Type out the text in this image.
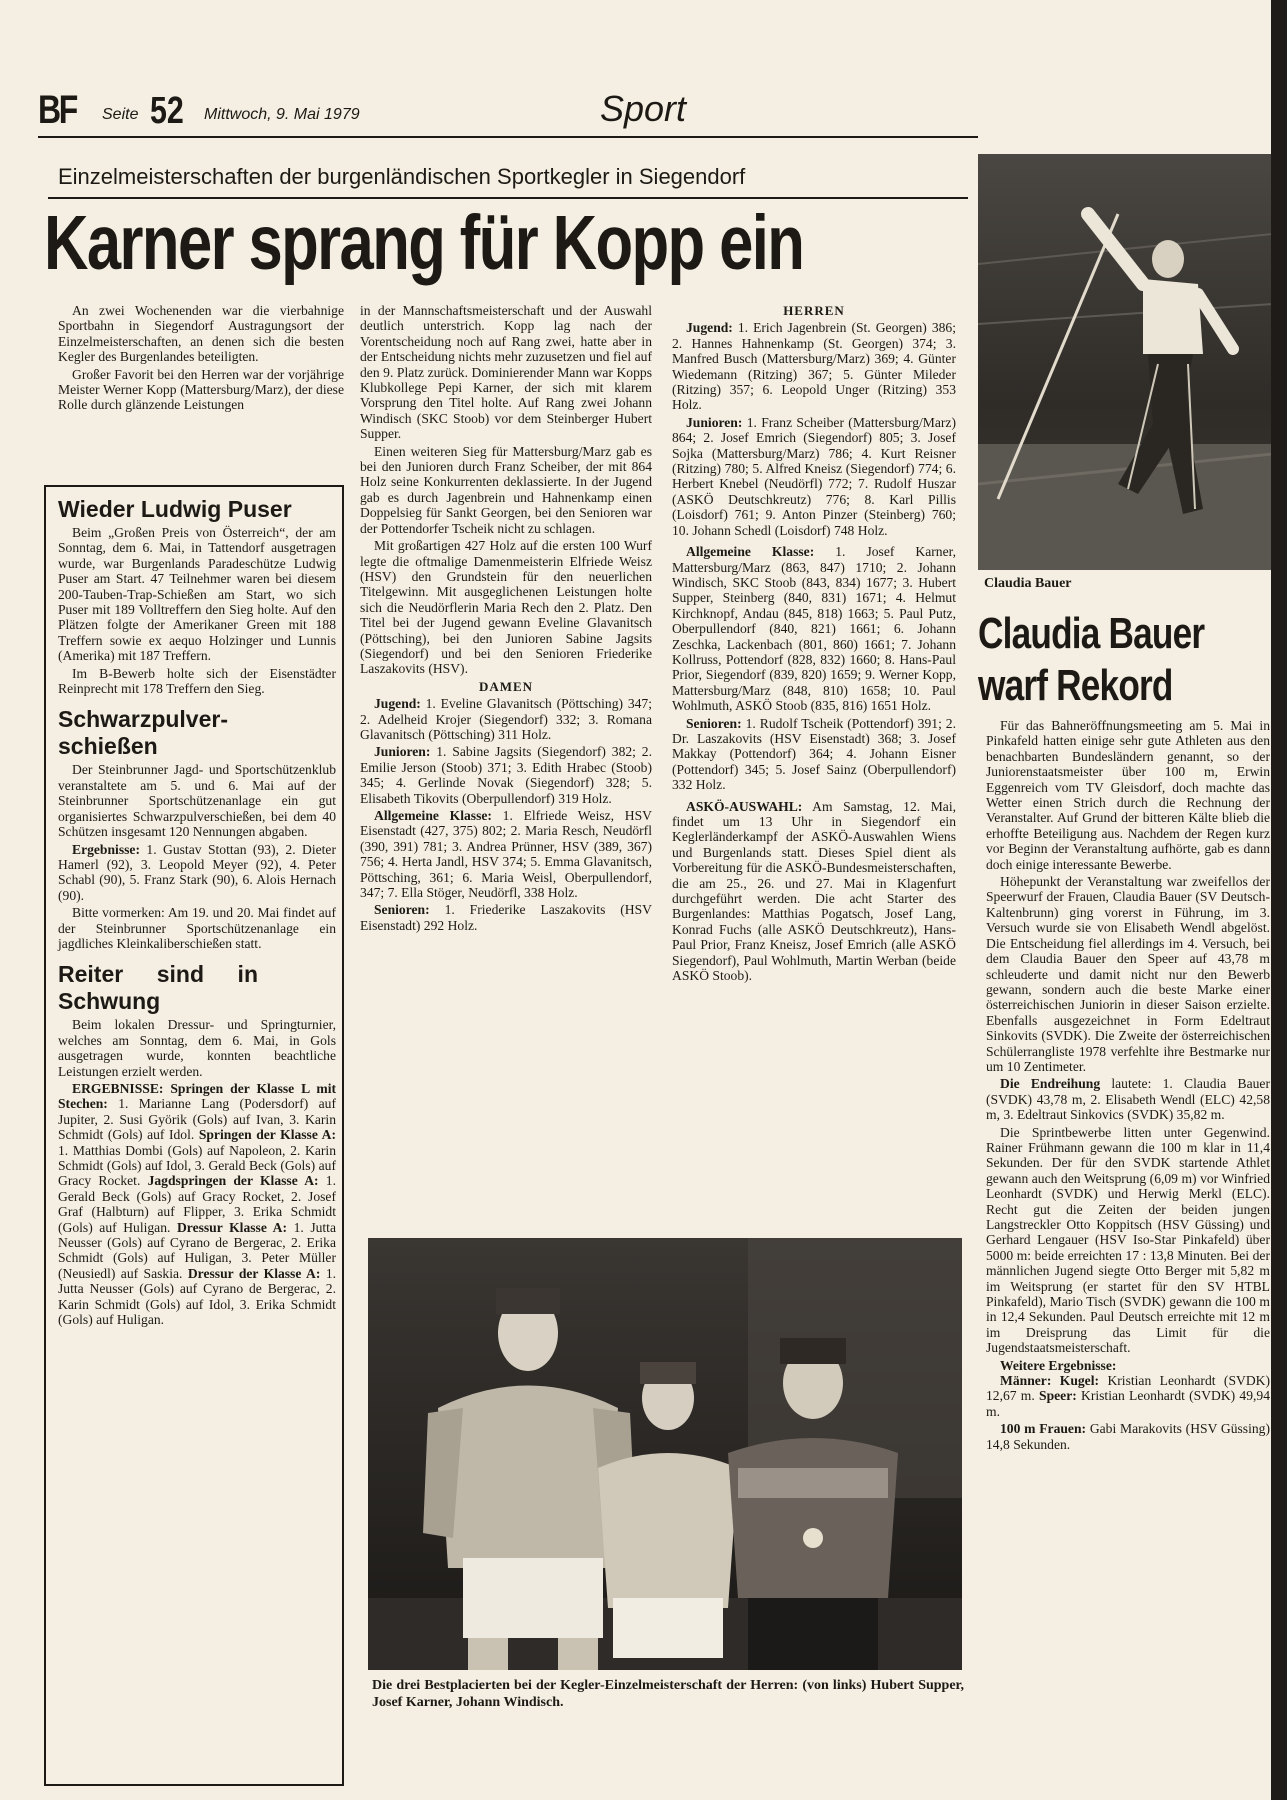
BF Seite 52 Mittwoch, 9. Mai 1979	Sport
Einzelmeisterschaften der burgenländischen Sportkegler in Siegendorf
Karner sprang für Kopp ein

An zwei Wochenenden war die vierbahnige Sportbahn in Siegendorf Austragungsort der Einzelmeisterschaften, an denen sich die besten Kegler des Burgenlandes beteiligten.

Großer Favorit bei den Herren war der vorjährige Meister Werner Kopp (Mattersburg/Marz), der diese Rolle durch glänzende Leistungen

Wieder Ludwig Puser

Beim „Großen Preis von Österreich“, der am Sonntag, dem 6. Mai, in Tattendorf ausgetragen wurde, war Burgenlands Paradeschütze Ludwig Puser am Start. 47 Teilnehmer waren bei diesem 200-Tauben-Trap-Schießen am Start, wo sich Puser mit 189 Volltreffern den Sieg holte. Auf den Plätzen folgte der Amerikaner Green mit 188 Treffern sowie ex aequo Holzinger und Lunnis (Amerika) mit 187 Treffern.

Im B-Bewerb holte sich der Eisenstädter Reinprecht mit 178 Treffern den Sieg.

Schwarzpulver-schießen

Der Steinbrunner Jagd- und Sportschützenklub veranstaltete am 5. und 6. Mai auf der Steinbrunner Sportschützenanlage ein gut organisiertes Schwarzpulverschießen, bei dem 40 Schützen insgesamt 120 Nennungen abgaben.

Ergebnisse: 1. Gustav Stottan (93), 2. Dieter Hamerl (92), 3. Leopold Meyer (92), 4. Peter Schabl (90), 5. Franz Stark (90), 6. Alois Hernach (90).

Bitte vormerken: Am 19. und 20. Mai findet auf der Steinbrunner Sportschützenanlage ein jagdliches Kleinkaliberschießen statt.

Reiter sind in Schwung

Beim lokalen Dressur- und Springturnier, welches am Sonntag, dem 6. Mai, in Gols ausgetragen wurde, konnten beachtliche Leistungen erzielt werden.

ERGEBNISSE: Springen der Klasse L mit Stechen: 1. Marianne Lang (Podersdorf) auf Jupiter, 2. Susi Györik (Gols) auf Ivan, 3. Karin Schmidt (Gols) auf Idol. Springen der Klasse A: 1. Matthias Dombi (Gols) auf Napoleon, 2. Karin Schmidt (Gols) auf Idol, 3. Gerald Beck (Gols) auf Gracy Rocket. Jagdspringen der Klasse A: 1. Gerald Beck (Gols) auf Gracy Rocket, 2. Josef Graf (Halbturn) auf Flipper, 3. Erika Schmidt (Gols) auf Huligan. Dressur Klasse A: 1. Jutta Neusser (Gols) auf Cyrano de Bergerac, 2. Erika Schmidt (Gols) auf Huligan, 3. Peter Müller (Neusiedl) auf Saskia. Dressur der Klasse A: 1. Jutta Neusser (Gols) auf Cyrano de Bergerac, 2. Karin Schmidt (Gols) auf Idol, 3. Erika Schmidt (Gols) auf Huligan.

in der Mannschaftsmeisterschaft und der Auswahl deutlich unterstrich. Kopp lag nach der Vorentscheidung noch auf Rang zwei, hatte aber in der Entscheidung nichts mehr zuzusetzen und fiel auf den 9. Platz zurück. Dominierender Mann war Kopps Klubkollege Pepi Karner, der sich mit klarem Vorsprung den Titel holte. Auf Rang zwei Johann Windisch (SKC Stoob) vor dem Steinberger Hubert Supper.

Einen weiteren Sieg für Mattersburg/Marz gab es bei den Junioren durch Franz Scheiber, der mit 864 Holz seine Konkurrenten deklassierte. In der Jugend gab es durch Jagenbrein und Hahnenkamp einen Doppelsieg für Sankt Georgen, bei den Senioren war der Pottendorfer Tscheik nicht zu schlagen.

Mit großartigen 427 Holz auf die ersten 100 Wurf legte die oftmalige Damenmeisterin Elfriede Weisz (HSV) den Grundstein für den neuerlichen Titelgewinn. Mit ausgeglichenen Leistungen holte sich die Neudörflerin Maria Rech den 2. Platz. Den Titel bei der Jugend gewann Eveline Glavanitsch (Pöttsching), bei den Junioren Sabine Jagsits (Siegendorf) und bei den Senioren Friederike Laszakovits (HSV).

DAMEN

Jugend: 1. Eveline Glavanitsch (Pöttsching) 347; 2. Adelheid Krojer (Siegendorf) 332; 3. Romana Glavanitsch (Pöttsching) 311 Holz.

Junioren: 1. Sabine Jagsits (Siegendorf) 382; 2. Emilie Jerson (Stoob) 371; 3. Edith Hrabec (Stoob) 345; 4. Gerlinde Novak (Siegendorf) 328; 5. Elisabeth Tikovits (Oberpullendorf) 319 Holz.

Allgemeine Klasse: 1. Elfriede Weisz, HSV Eisenstadt (427, 375) 802; 2. Maria Resch, Neudörfl (390, 391) 781; 3. Andrea Prünner, HSV (389, 367) 756; 4. Herta Jandl, HSV 374; 5. Emma Glavanitsch, Pöttsching, 361; 6. Maria Weisl, Oberpullendorf, 347; 7. Ella Stöger, Neudörfl, 338 Holz.

Senioren: 1. Friederike Laszakovits (HSV Eisenstadt) 292 Holz.

HERREN

Jugend: 1. Erich Jagenbrein (St. Georgen) 386; 2. Hannes Hahnenkamp (St. Georgen) 374; 3. Manfred Busch (Mattersburg/Marz) 369; 4. Günter Wiedemann (Ritzing) 367; 5. Günter Mileder (Ritzing) 357; 6. Leopold Unger (Ritzing) 353 Holz.

Junioren: 1. Franz Scheiber (Mattersburg/Marz) 864; 2. Josef Emrich (Siegendorf) 805; 3. Josef Sojka (Mattersburg/Marz) 786; 4. Kurt Reisner (Ritzing) 780; 5. Alfred Kneisz (Siegendorf) 774; 6. Herbert Knebel (Neudörfl) 772; 7. Rudolf Huszar (ASKÖ Deutschkreutz) 776; 8. Karl Pillis (Loisdorf) 761; 9. Anton Pinzer (Steinberg) 760; 10. Johann Schedl (Loisdorf) 748 Holz.

Allgemeine Klasse: 1. Josef Karner, Mattersburg/Marz (863, 847) 1710; 2. Johann Windisch, SKC Stoob (843, 834) 1677; 3. Hubert Supper, Steinberg (840, 831) 1671; 4. Helmut Kirchknopf, Andau (845, 818) 1663; 5. Paul Putz, Oberpullendorf (840, 821) 1661; 6. Johann Zeschka, Lackenbach (801, 860) 1661; 7. Johann Kollruss, Pottendorf (828, 832) 1660; 8. Hans-Paul Prior, Siegendorf (839, 820) 1659; 9. Werner Kopp, Mattersburg/Marz (848, 810) 1658; 10. Paul Wohlmuth, ASKÖ Stoob (835, 816) 1651 Holz.

Senioren: 1. Rudolf Tscheik (Pottendorf) 391; 2. Dr. Laszakovits (HSV Eisenstadt) 368; 3. Josef Makkay (Pottendorf) 364; 4. Johann Eisner (Pottendorf) 345; 5. Josef Sainz (Oberpullendorf) 332 Holz.

ASKÖ-AUSWAHL: Am Samstag, 12. Mai, findet um 13 Uhr in Siegendorf ein Keglerländerkampf der ASKÖ-Auswahlen Wiens und Burgenlands statt. Dieses Spiel dient als Vorbereitung für die ASKÖ-Bundesmeisterschaften, die am 25., 26. und 27. Mai in Klagenfurt durchgeführt werden. Die acht Starter des Burgenlandes: Matthias Pogatsch, Josef Lang, Konrad Fuchs (alle ASKÖ Deutschkreutz), Hans-Paul Prior, Franz Kneisz, Josef Emrich (alle ASKÖ Siegendorf), Paul Wohlmuth, Martin Werban (beide ASKÖ Stoob).

Die drei Bestplacierten bei der Kegler-Einzelmeisterschaft der Herren: (von links) Hubert Supper, Josef Karner, Johann Windisch.
Claudia Bauer
Claudia Bauer warf Rekord

Für das Bahneröffnungsmeeting am 5. Mai in Pinkafeld hatten einige sehr gute Athleten aus den benachbarten Bundesländern genannt, so der Juniorenstaatsmeister über 100 m, Erwin Eggenreich vom TV Gleisdorf, doch machte das Wetter einen Strich durch die Rechnung der Veranstalter. Auf Grund der bitteren Kälte blieb die erhoffte Beteiligung aus. Nachdem der Regen kurz vor Beginn der Veranstaltung aufhörte, gab es dann doch einige interessante Bewerbe.

Höhepunkt der Veranstaltung war zweifellos der Speerwurf der Frauen, Claudia Bauer (SV Deutsch-Kaltenbrunn) ging vorerst in Führung, im 3. Versuch wurde sie von Elisabeth Wendl abgelöst. Die Entscheidung fiel allerdings im 4. Versuch, bei dem Claudia Bauer den Speer auf 43,78 m schleuderte und damit nicht nur den Bewerb gewann, sondern auch die beste Marke einer österreichischen Juniorin in dieser Saison erzielte. Ebenfalls ausgezeichnet in Form Edeltraut Sinkovits (SVDK). Die Zweite der österreichischen Schülerrangliste 1978 verfehlte ihre Bestmarke nur um 10 Zentimeter.

Die Endreihung lautete: 1. Claudia Bauer (SVDK) 43,78 m, 2. Elisabeth Wendl (ELC) 42,58 m, 3. Edeltraut Sinkovics (SVDK) 35,82 m.

Die Sprintbewerbe litten unter Gegenwind. Rainer Frühmann gewann die 100 m klar in 11,4 Sekunden. Der für den SVDK startende Athlet gewann auch den Weitsprung (6,09 m) vor Winfried Leonhardt (SVDK) und Herwig Merkl (ELC). Recht gut die Zeiten der beiden jungen Langstreckler Otto Koppitsch (HSV Güssing) und Gerhard Lengauer (HSV Iso-Star Pinkafeld) über 5000 m: beide erreichten 17 : 13,8 Minuten. Bei der männlichen Jugend siegte Otto Berger mit 5,82 m im Weitsprung (er startet für den SV HTBL Pinkafeld), Mario Tisch (SVDK) gewann die 100 m in 12,4 Sekunden. Paul Deutsch erreichte mit 12 m im Dreisprung das Limit für die Jugendstaatsmeisterschaft.

Weitere Ergebnisse:

Männer: Kugel: Kristian Leonhardt (SVDK) 12,67 m. Speer: Kristian Leonhardt (SVDK) 49,94 m.

100 m Frauen: Gabi Marakovits (HSV Güssing) 14,8 Sekunden.
